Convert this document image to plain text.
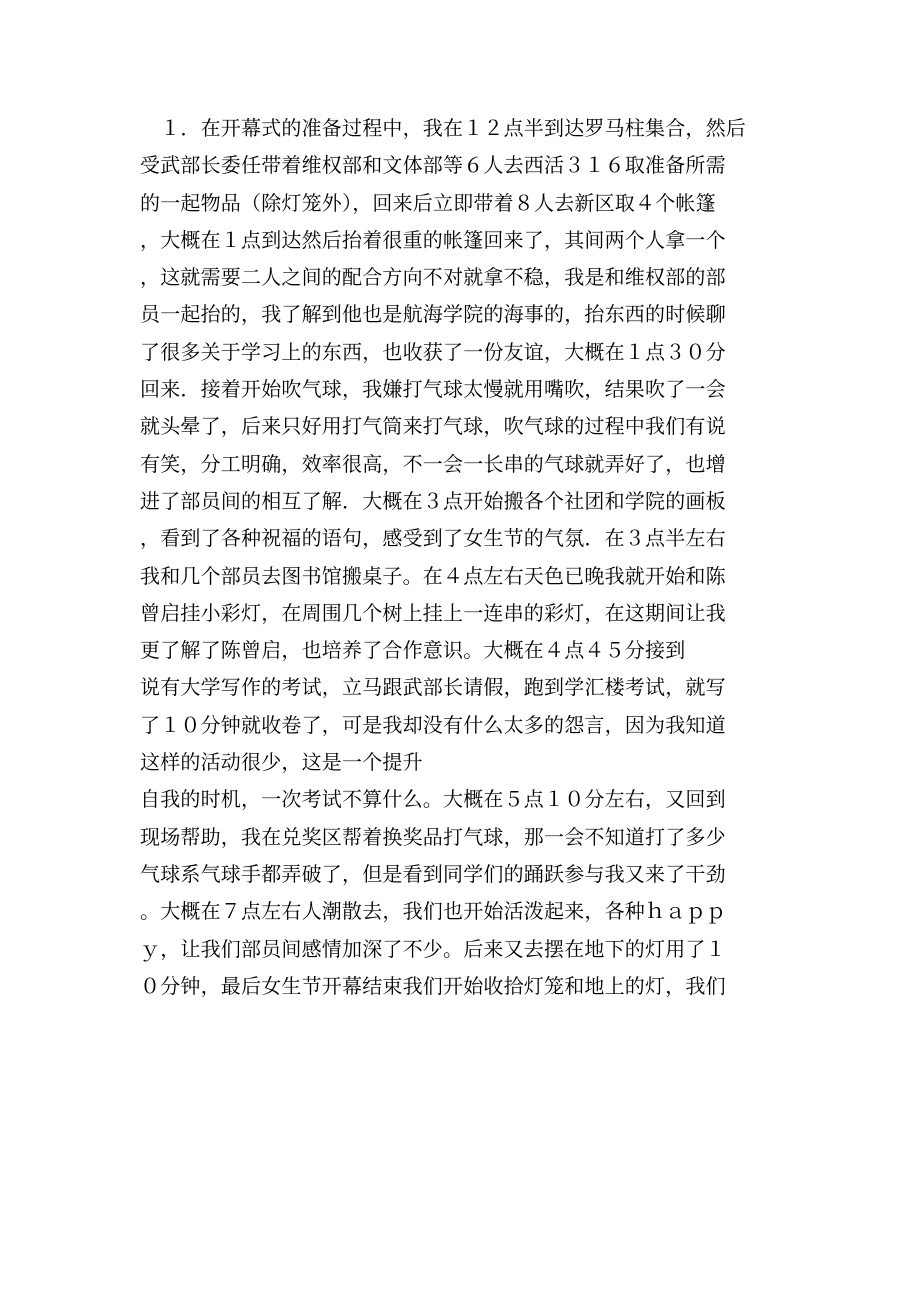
　１．在开幕式的准备过程中，我在１２点半到达罗马柱集合，然后
受武部长委任带着维权部和文体部等６人去西活３１６取准备所需
的一起物品（除灯笼外），回来后立即带着８人去新区取４个帐篷
，大概在１点到达然后抬着很重的帐篷回来了，其间两个人拿一个
，这就需要二人之间的配合方向不对就拿不稳，我是和维权部的部
员一起抬的，我了解到他也是航海学院的海事的，抬东西的时候聊
了很多关于学习上的东西，也收获了一份友谊，大概在１点３０分
回来．接着开始吹气球，我嫌打气球太慢就用嘴吹，结果吹了一会
就头晕了，后来只好用打气筒来打气球，吹气球的过程中我们有说
有笑，分工明确，效率很高，不一会一长串的气球就弄好了，也增
进了部员间的相互了解．大概在３点开始搬各个社团和学院的画板
，看到了各种祝福的语句，感受到了女生节的气氛．在３点半左右
我和几个部员去图书馆搬桌子。在４点左右天色已晚我就开始和陈
曾启挂小彩灯，在周围几个树上挂上一连串的彩灯，在这期间让我
更了解了陈曾启，也培养了合作意识。大概在４点４５分接到
说有大学写作的考试，立马跟武部长请假，跑到学汇楼考试，就写
了１０分钟就收卷了，可是我却没有什么太多的怨言，因为我知道
这样的活动很少，这是一个提升
自我的时机，一次考试不算什么。大概在５点１０分左右，又回到
现场帮助，我在兑奖区帮着换奖品打气球，那一会不知道打了多少
气球系气球手都弄破了，但是看到同学们的踊跃参与我又来了干劲
。大概在７点左右人潮散去，我们也开始活泼起来，各种ｈａｐｐ
ｙ，让我们部员间感情加深了不少。后来又去摆在地下的灯用了１
０分钟，最后女生节开幕结束我们开始收拾灯笼和地上的灯，我们
